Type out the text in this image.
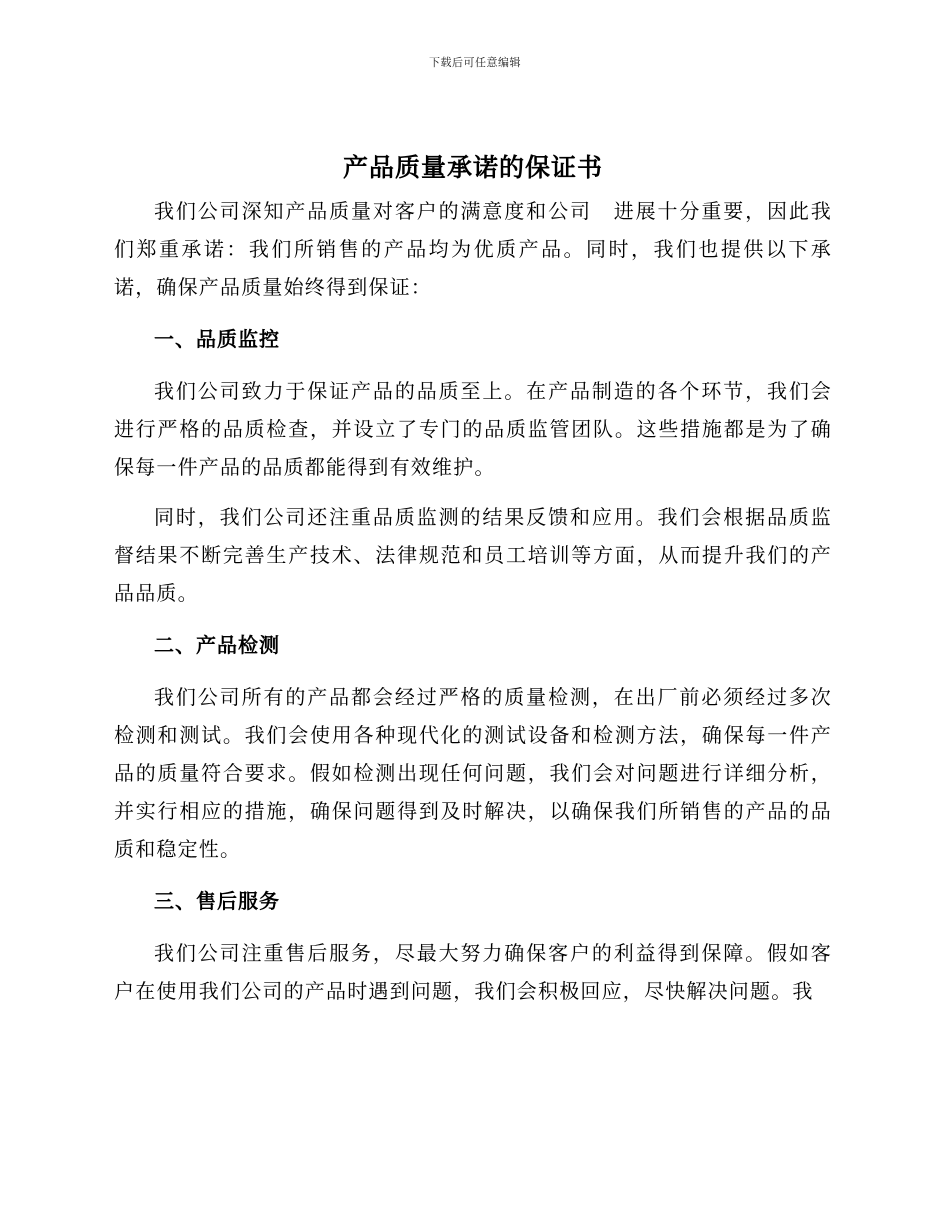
下载后可任意编辑
产品质量承诺的保证书

我们公司深知产品质量对客户的满意度和公司　进展十分重要，因此我们郑重承诺：我们所销售的产品均为优质产品。同时，我们也提供以下承诺，确保产品质量始终得到保证：

一、品质监控

我们公司致力于保证产品的品质至上。在产品制造的各个环节，我们会进行严格的品质检查，并设立了专门的品质监管团队。这些措施都是为了确保每一件产品的品质都能得到有效维护。

同时，我们公司还注重品质监测的结果反馈和应用。我们会根据品质监督结果不断完善生产技术、法律规范和员工培训等方面，从而提升我们的产品品质。

二、产品检测

我们公司所有的产品都会经过严格的质量检测，在出厂前必须经过多次检测和测试。我们会使用各种现代化的测试设备和检测方法，确保每一件产品的质量符合要求。假如检测出现任何问题，我们会对问题进行详细分析，并实行相应的措施，确保问题得到及时解决，以确保我们所销售的产品的品质和稳定性。

三、售后服务

我们公司注重售后服务，尽最大努力确保客户的利益得到保障。假如客户在使用我们公司的产品时遇到问题，我们会积极回应，尽快解决问题。我
